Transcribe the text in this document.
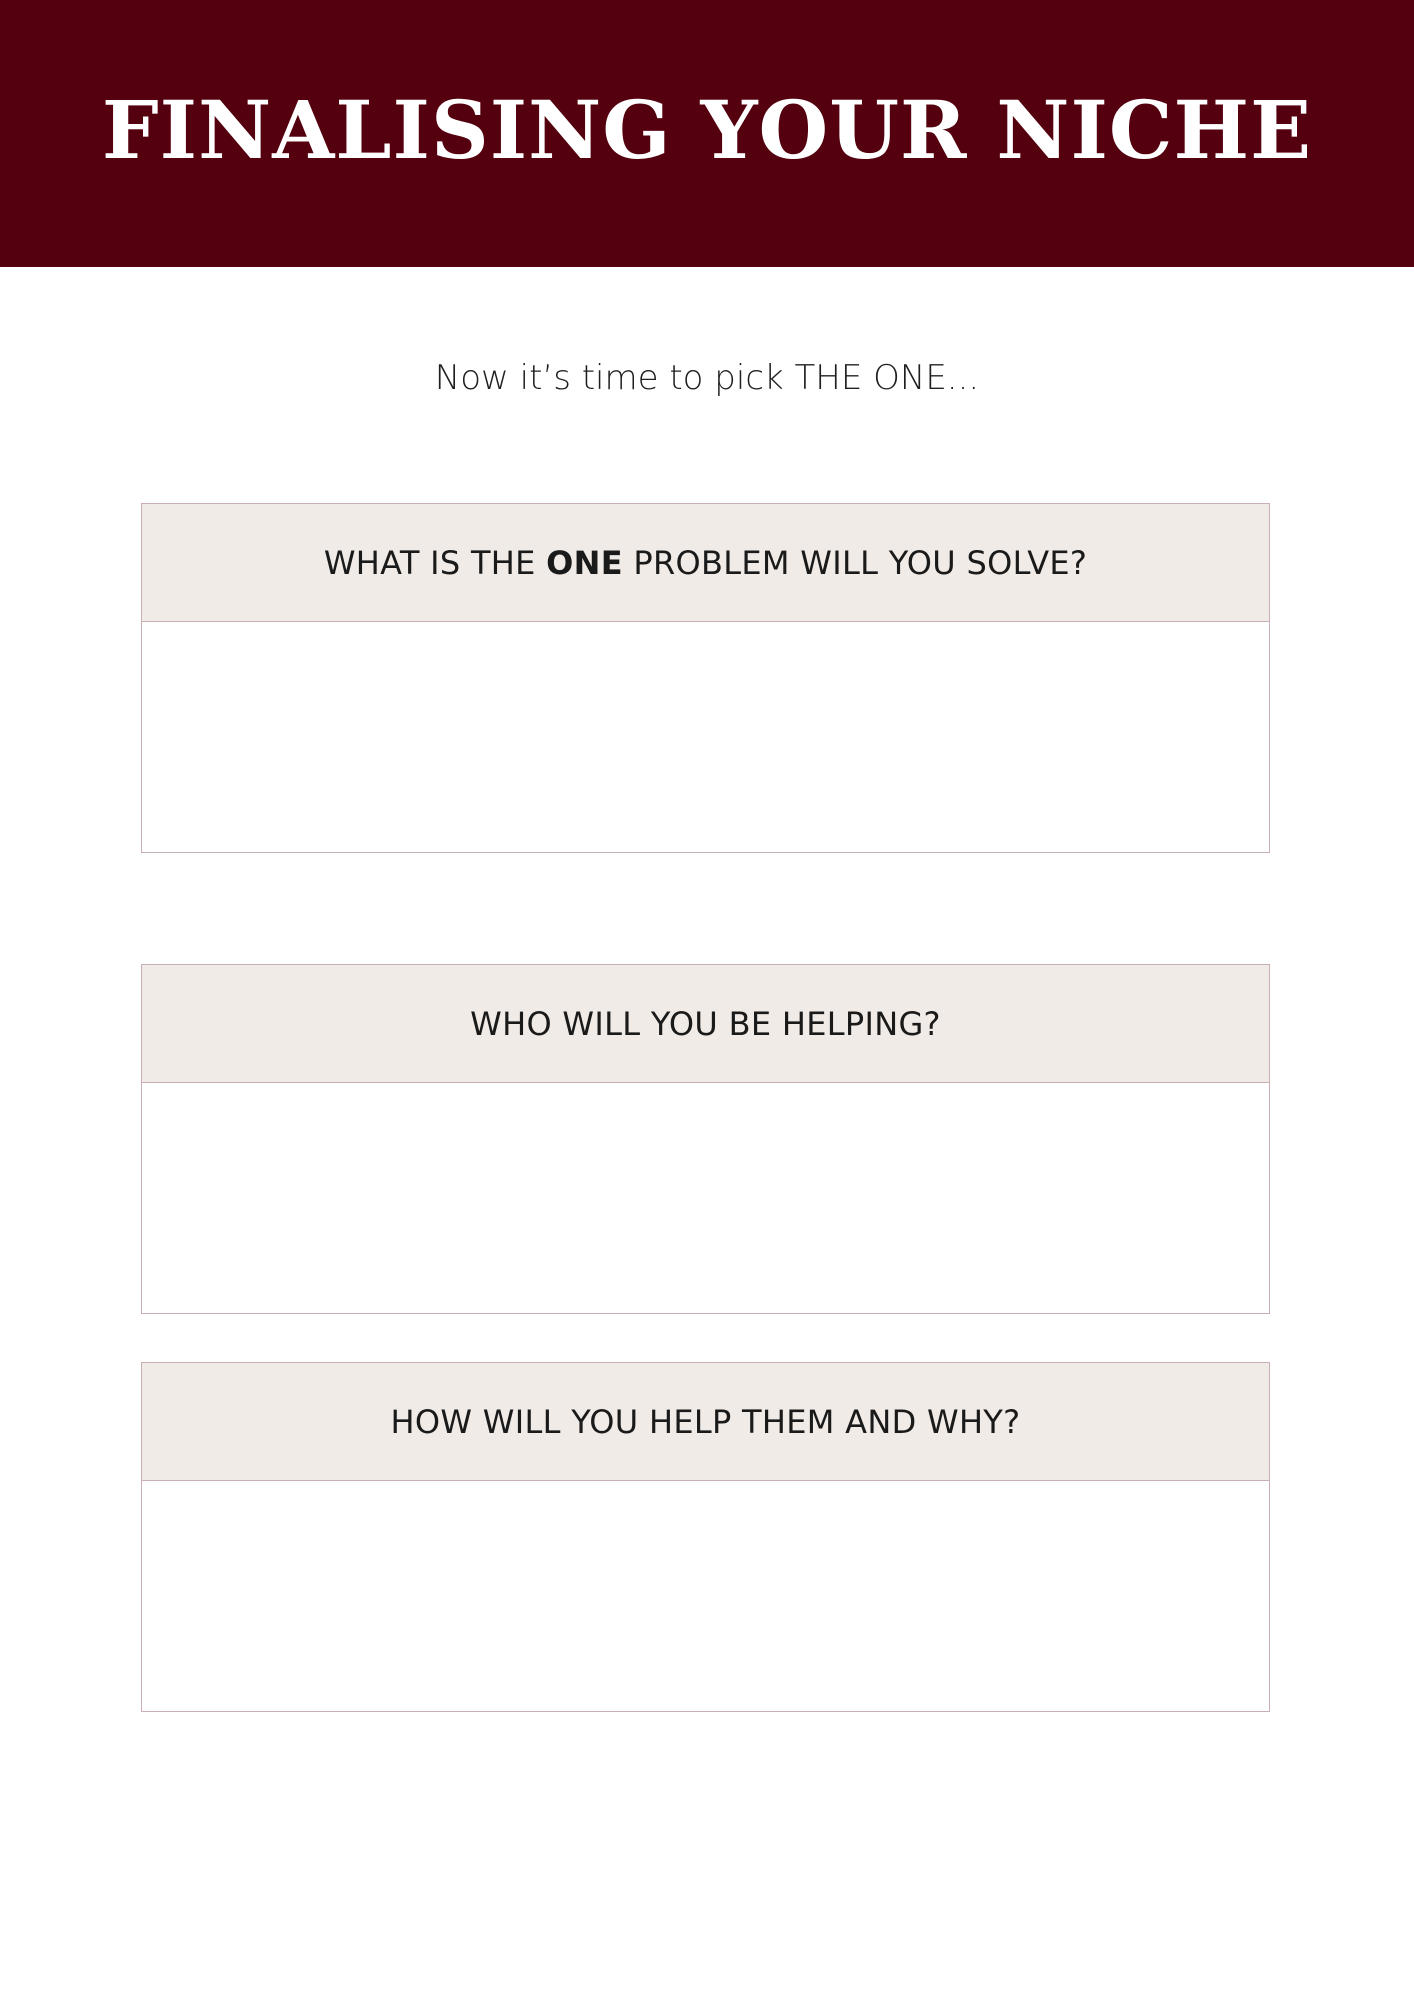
FINALISING YOUR NICHE
Now it’s time to pick THE ONE...
WHAT IS THE ONE PROBLEM WILL YOU SOLVE?
WHO WILL YOU BE HELPING?
HOW WILL YOU HELP THEM AND WHY?
